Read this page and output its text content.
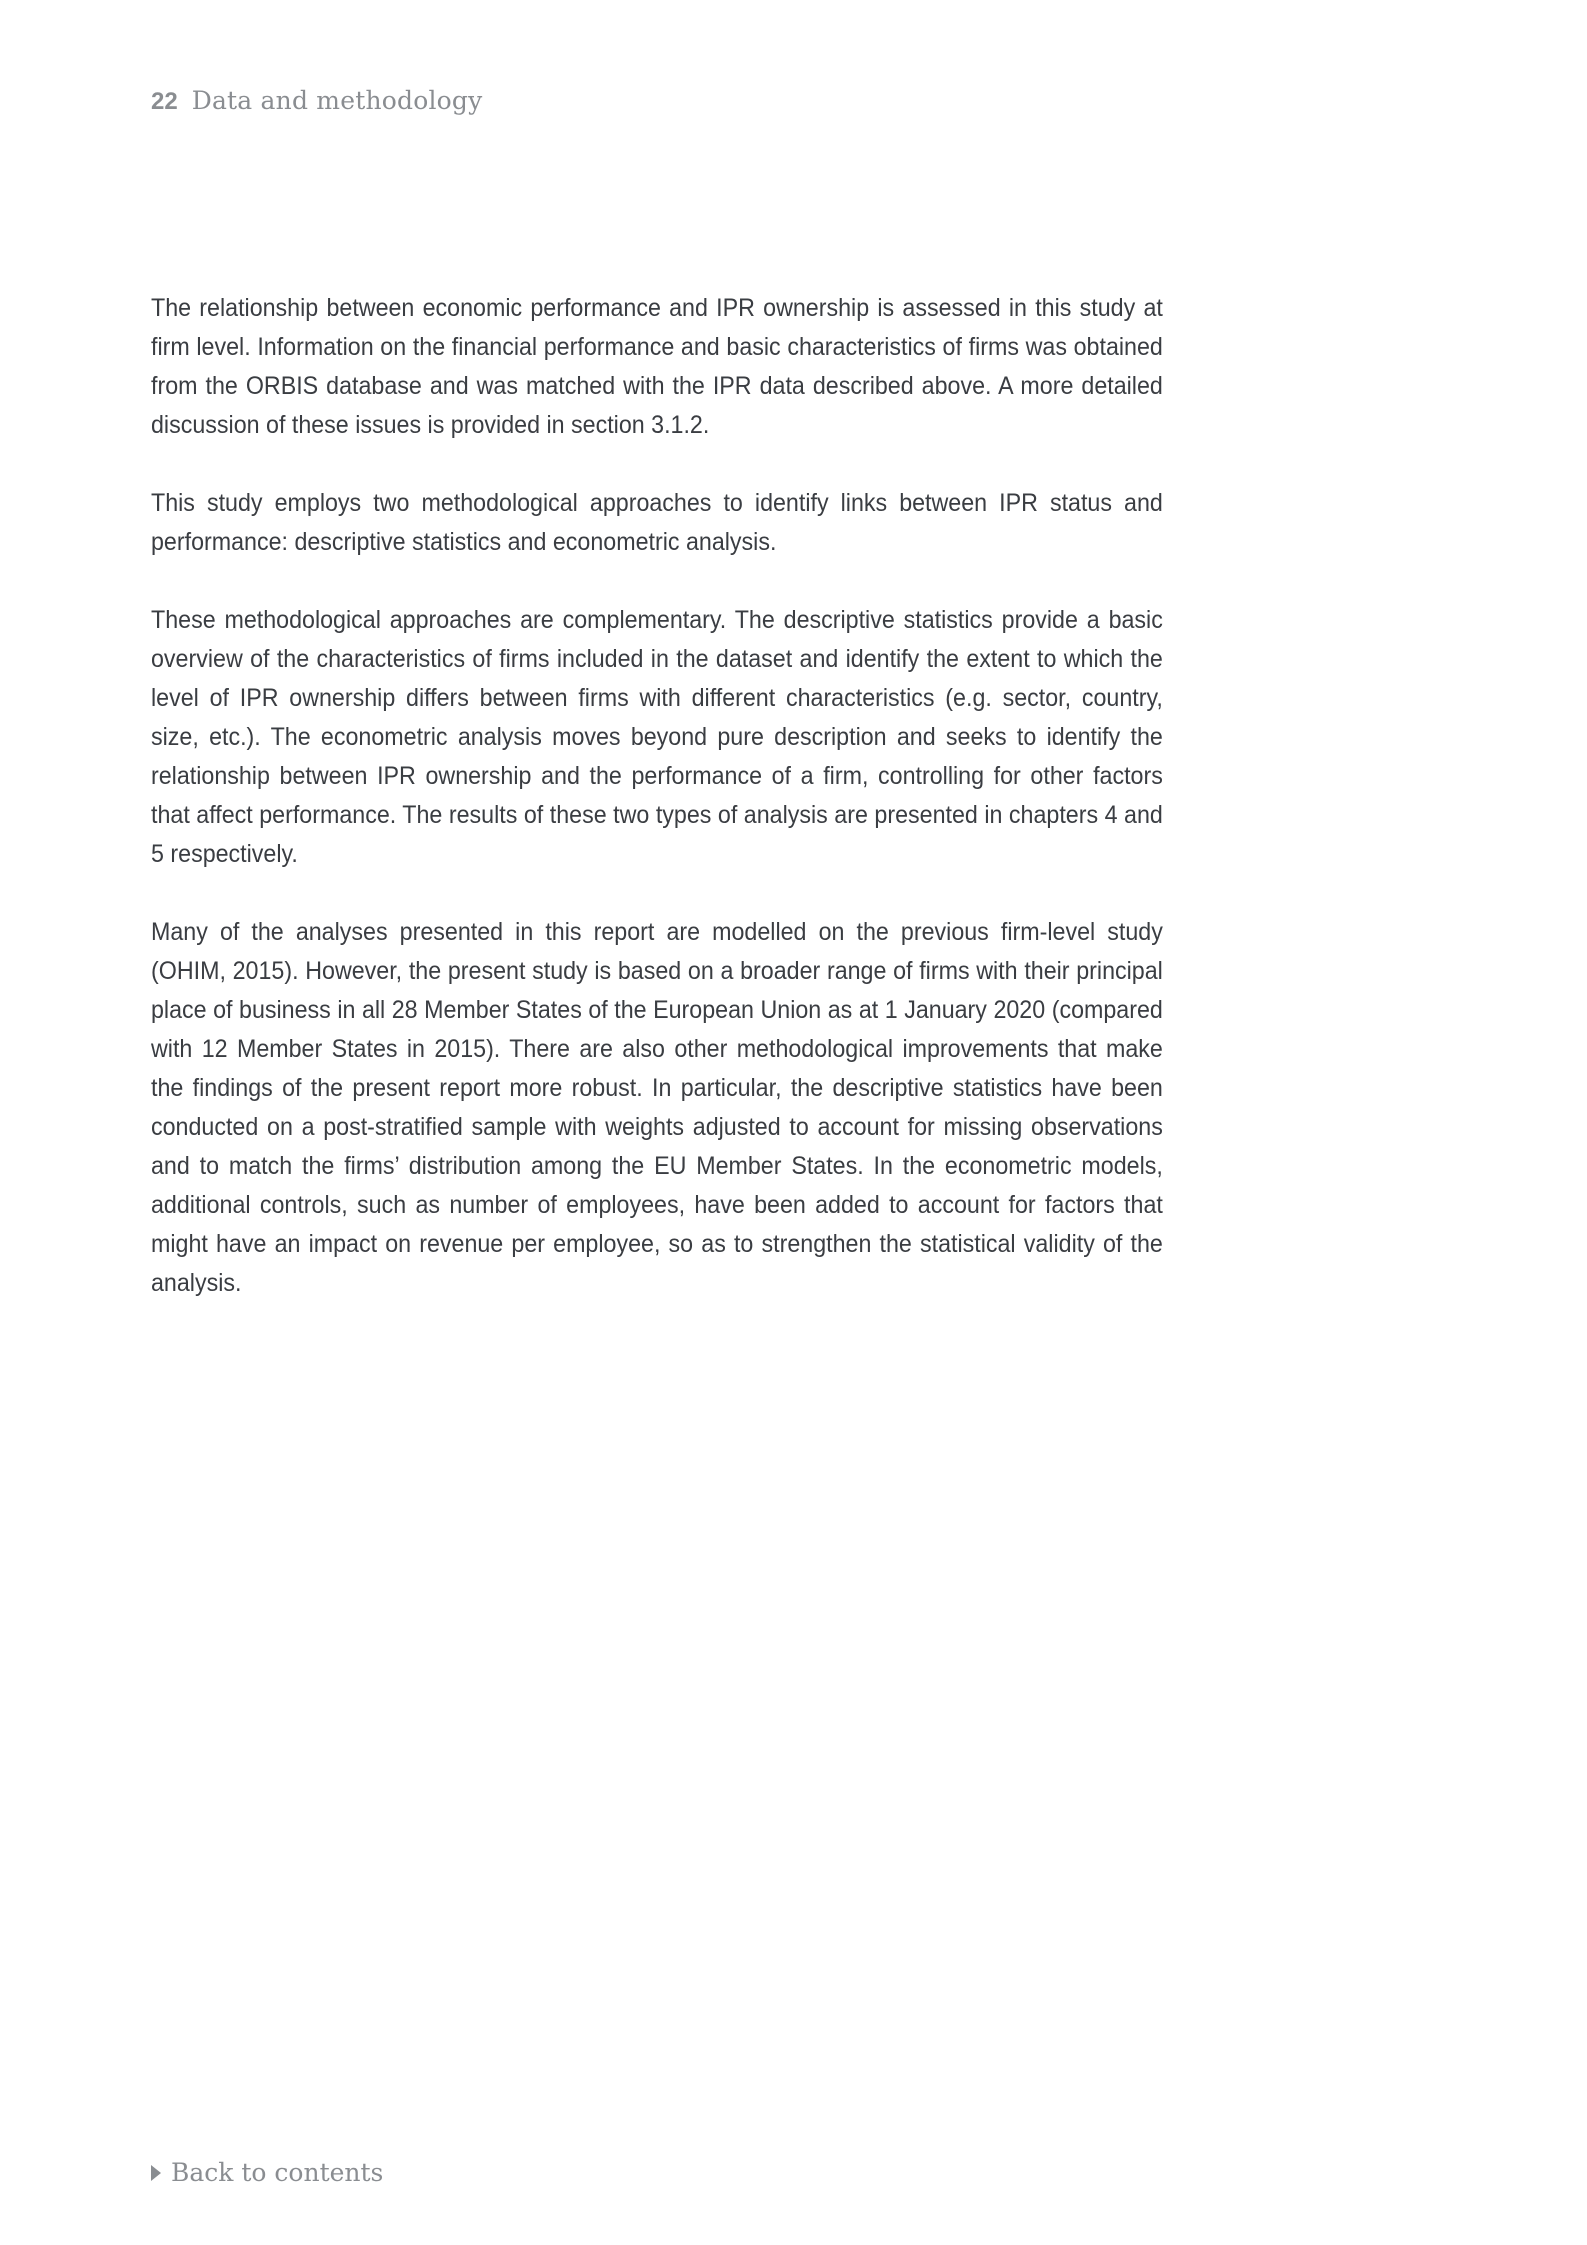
22 Data and methodology

The relationship between economic performance and IPR ownership is assessed in this study at firm level. Information on the financial performance and basic characteristics of firms was obtained from the ORBIS database and was matched with the IPR data described above. A more detailed discussion of these issues is provided in section 3.1.2.

This study employs two methodological approaches to identify links between IPR status and performance: descriptive statistics and econometric analysis.

These methodological approaches are complementary. The descriptive statistics provide a basic overview of the characteristics of firms included in the dataset and identify the extent to which the level of IPR ownership differs between firms with different characteristics (e.g. sector, country, size, etc.). The econometric analysis moves beyond pure description and seeks to identify the relationship between IPR ownership and the performance of a firm, controlling for other factors that affect performance. The results of these two types of analysis are presented in chapters 4 and 5 respectively.

Many of the analyses presented in this report are modelled on the previous firm-level study (OHIM, 2015). However, the present study is based on a broader range of firms with their principal place of business in all 28 Member States of the European Union as at 1 January 2020 (compared with 12 Member States in 2015). There are also other methodological improvements that make the findings of the present report more robust. In particular, the descriptive statistics have been conducted on a post-stratified sample with weights adjusted to account for missing observations and to match the firms’ distribution among the EU Member States. In the econometric models, additional controls, such as number of employees, have been added to account for factors that might have an impact on revenue per employee, so as to strengthen the statistical validity of the analysis.

Back to contents
